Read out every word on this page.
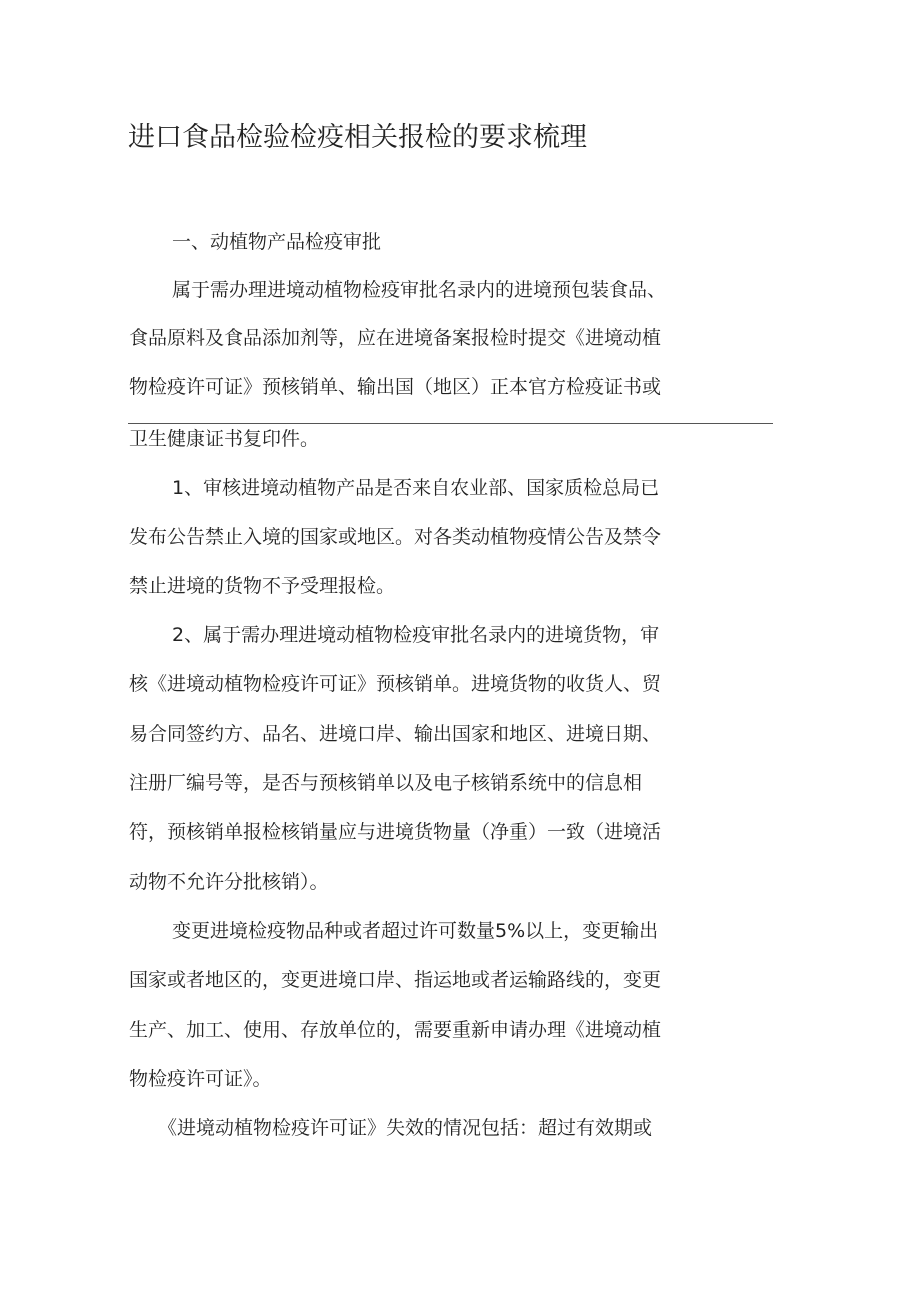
进口食品检验检疫相关报检的要求梳理
一、动植物产品检疫审批
属于需办理进境动植物检疫审批名录内的进境预包装食品、
食品原料及食品添加剂等，应在进境备案报检时提交《进境动植
物检疫许可证》预核销单、输出国（地区）正本官方检疫证书或
卫生健康证书复印件。
1、审核进境动植物产品是否来自农业部、国家质检总局已
发布公告禁止入境的国家或地区。对各类动植物疫情公告及禁令
禁止进境的货物不予受理报检。
2、属于需办理进境动植物检疫审批名录内的进境货物，审
核《进境动植物检疫许可证》预核销单。进境货物的收货人、贸
易合同签约方、品名、进境口岸、输出国家和地区、进境日期、
注册厂编号等，是否与预核销单以及电子核销系统中的信息相
符，预核销单报检核销量应与进境货物量（净重）一致（进境活
动物不允许分批核销）。
变更进境检疫物品种或者超过许可数量5%以上，变更输出
国家或者地区的，变更进境口岸、指运地或者运输路线的，变更
生产、加工、使用、存放单位的，需要重新申请办理《进境动植
物检疫许可证》。
《进境动植物检疫许可证》失效的情况包括：超过有效期或
